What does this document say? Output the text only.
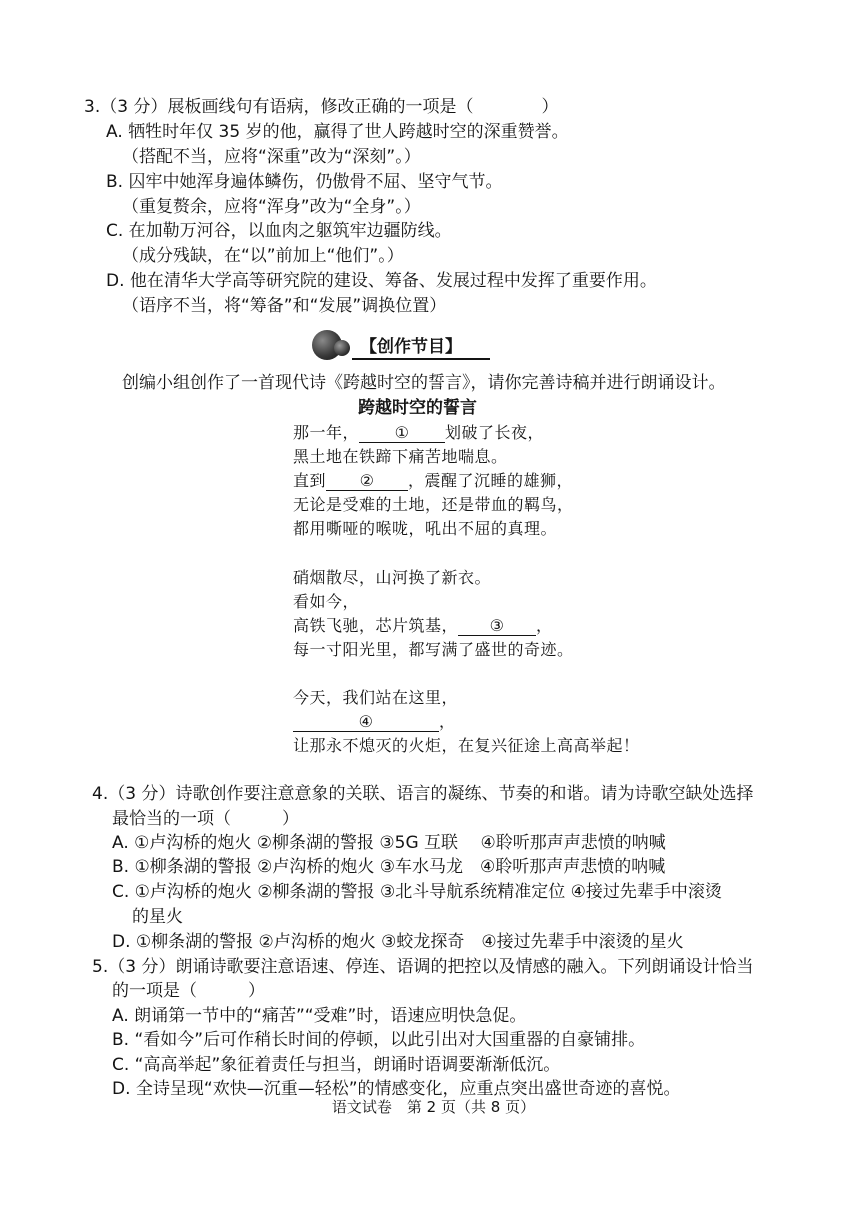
3.（3 分）展板画线句有语病，修改正确的一项是（　　　　）
A. 牺牲时年仅 35 岁的他，赢得了世人跨越时空的深重赞誉。
（搭配不当，应将“深重”改为“深刻”。）
B. 囚牢中她浑身遍体鳞伤，仍傲骨不屈、坚守气节。
（重复赘余，应将“浑身”改为“全身”。）
C. 在加勒万河谷，以血肉之躯筑牢边疆防线。
（成分残缺，在“以”前加上“他们”。）
D. 他在清华大学高等研究院的建设、筹备、发展过程中发挥了重要作用。
（语序不当，将“筹备”和“发展”调换位置）
【创作节目】
创编小组创作了一首现代诗《跨越时空的誓言》，请你完善诗稿并进行朗诵设计。
跨越时空的誓言
那一年， ① 划破了长夜，
黑土地在铁蹄下痛苦地喘息。
直到 ② ，震醒了沉睡的雄狮，
无论是受难的土地，还是带血的羁鸟，
都用嘶哑的喉咙，吼出不屈的真理。
硝烟散尽，山河换了新衣。
看如今，
高铁飞驰，芯片筑基， ③ ，
每一寸阳光里，都写满了盛世的奇迹。
今天，我们站在这里，
④	，
让那永不熄灭的火炬，在复兴征途上高高举起！
4.（3 分）诗歌创作要注意意象的关联、语言的凝练、节奏的和谐。请为诗歌空缺处选择
最恰当的一项（　　　）
A. ①卢沟桥的炮火 ②柳条湖的警报 ③5G 互联　 ④聆听那声声悲愤的呐喊
B. ①柳条湖的警报 ②卢沟桥的炮火 ③车水马龙　④聆听那声声悲愤的呐喊
C. ①卢沟桥的炮火 ②柳条湖的警报 ③北斗导航系统精准定位 ④接过先辈手中滚烫
的星火
D. ①柳条湖的警报 ②卢沟桥的炮火 ③蛟龙探奇　④接过先辈手中滚烫的星火
5.（3 分）朗诵诗歌要注意语速、停连、语调的把控以及情感的融入。下列朗诵设计恰当
的一项是（　　　）
A. 朗诵第一节中的“痛苦”“受难”时，语速应明快急促。
B. “看如今”后可作稍长时间的停顿，以此引出对大国重器的自豪铺排。
C. “高高举起”象征着责任与担当，朗诵时语调要渐渐低沉。
D. 全诗呈现“欢快—沉重—轻松”的情感变化，应重点突出盛世奇迹的喜悦。
语文试卷　第 2 页（共 8 页）
